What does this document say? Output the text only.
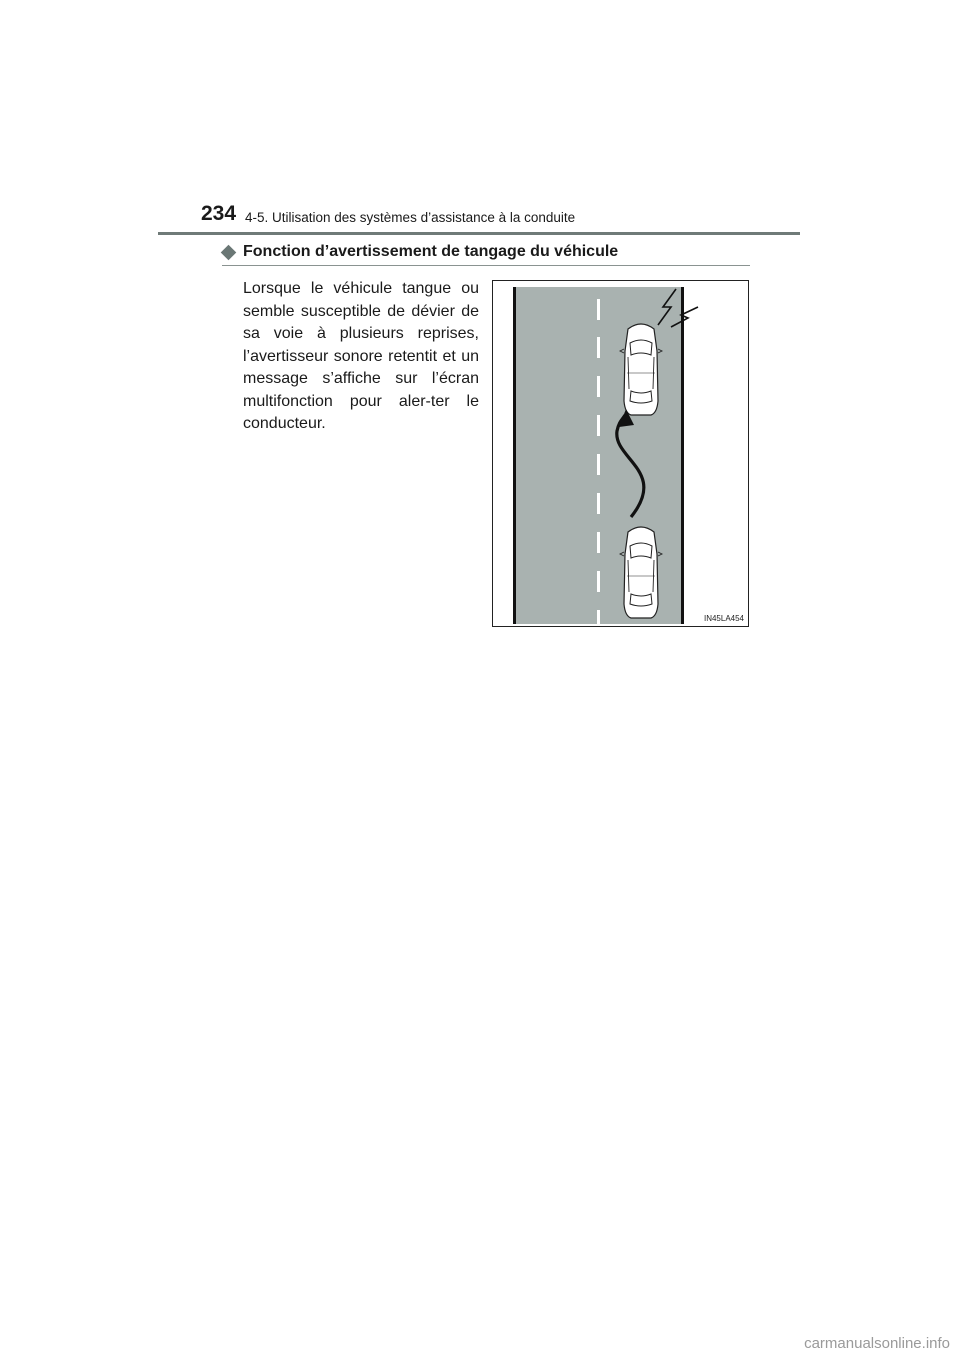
234 4-5. Utilisation des systèmes d’assistance à la conduite
Fonction d’avertissement de tangage du véhicule
Lorsque le véhicule tangue ou semble susceptible de dévier de sa voie à plusieurs reprises, l’avertisseur sonore retentit et un message s’affiche sur l’écran multifonction pour aler-ter le conducteur.
IN45LA454
carmanualsonline.info
